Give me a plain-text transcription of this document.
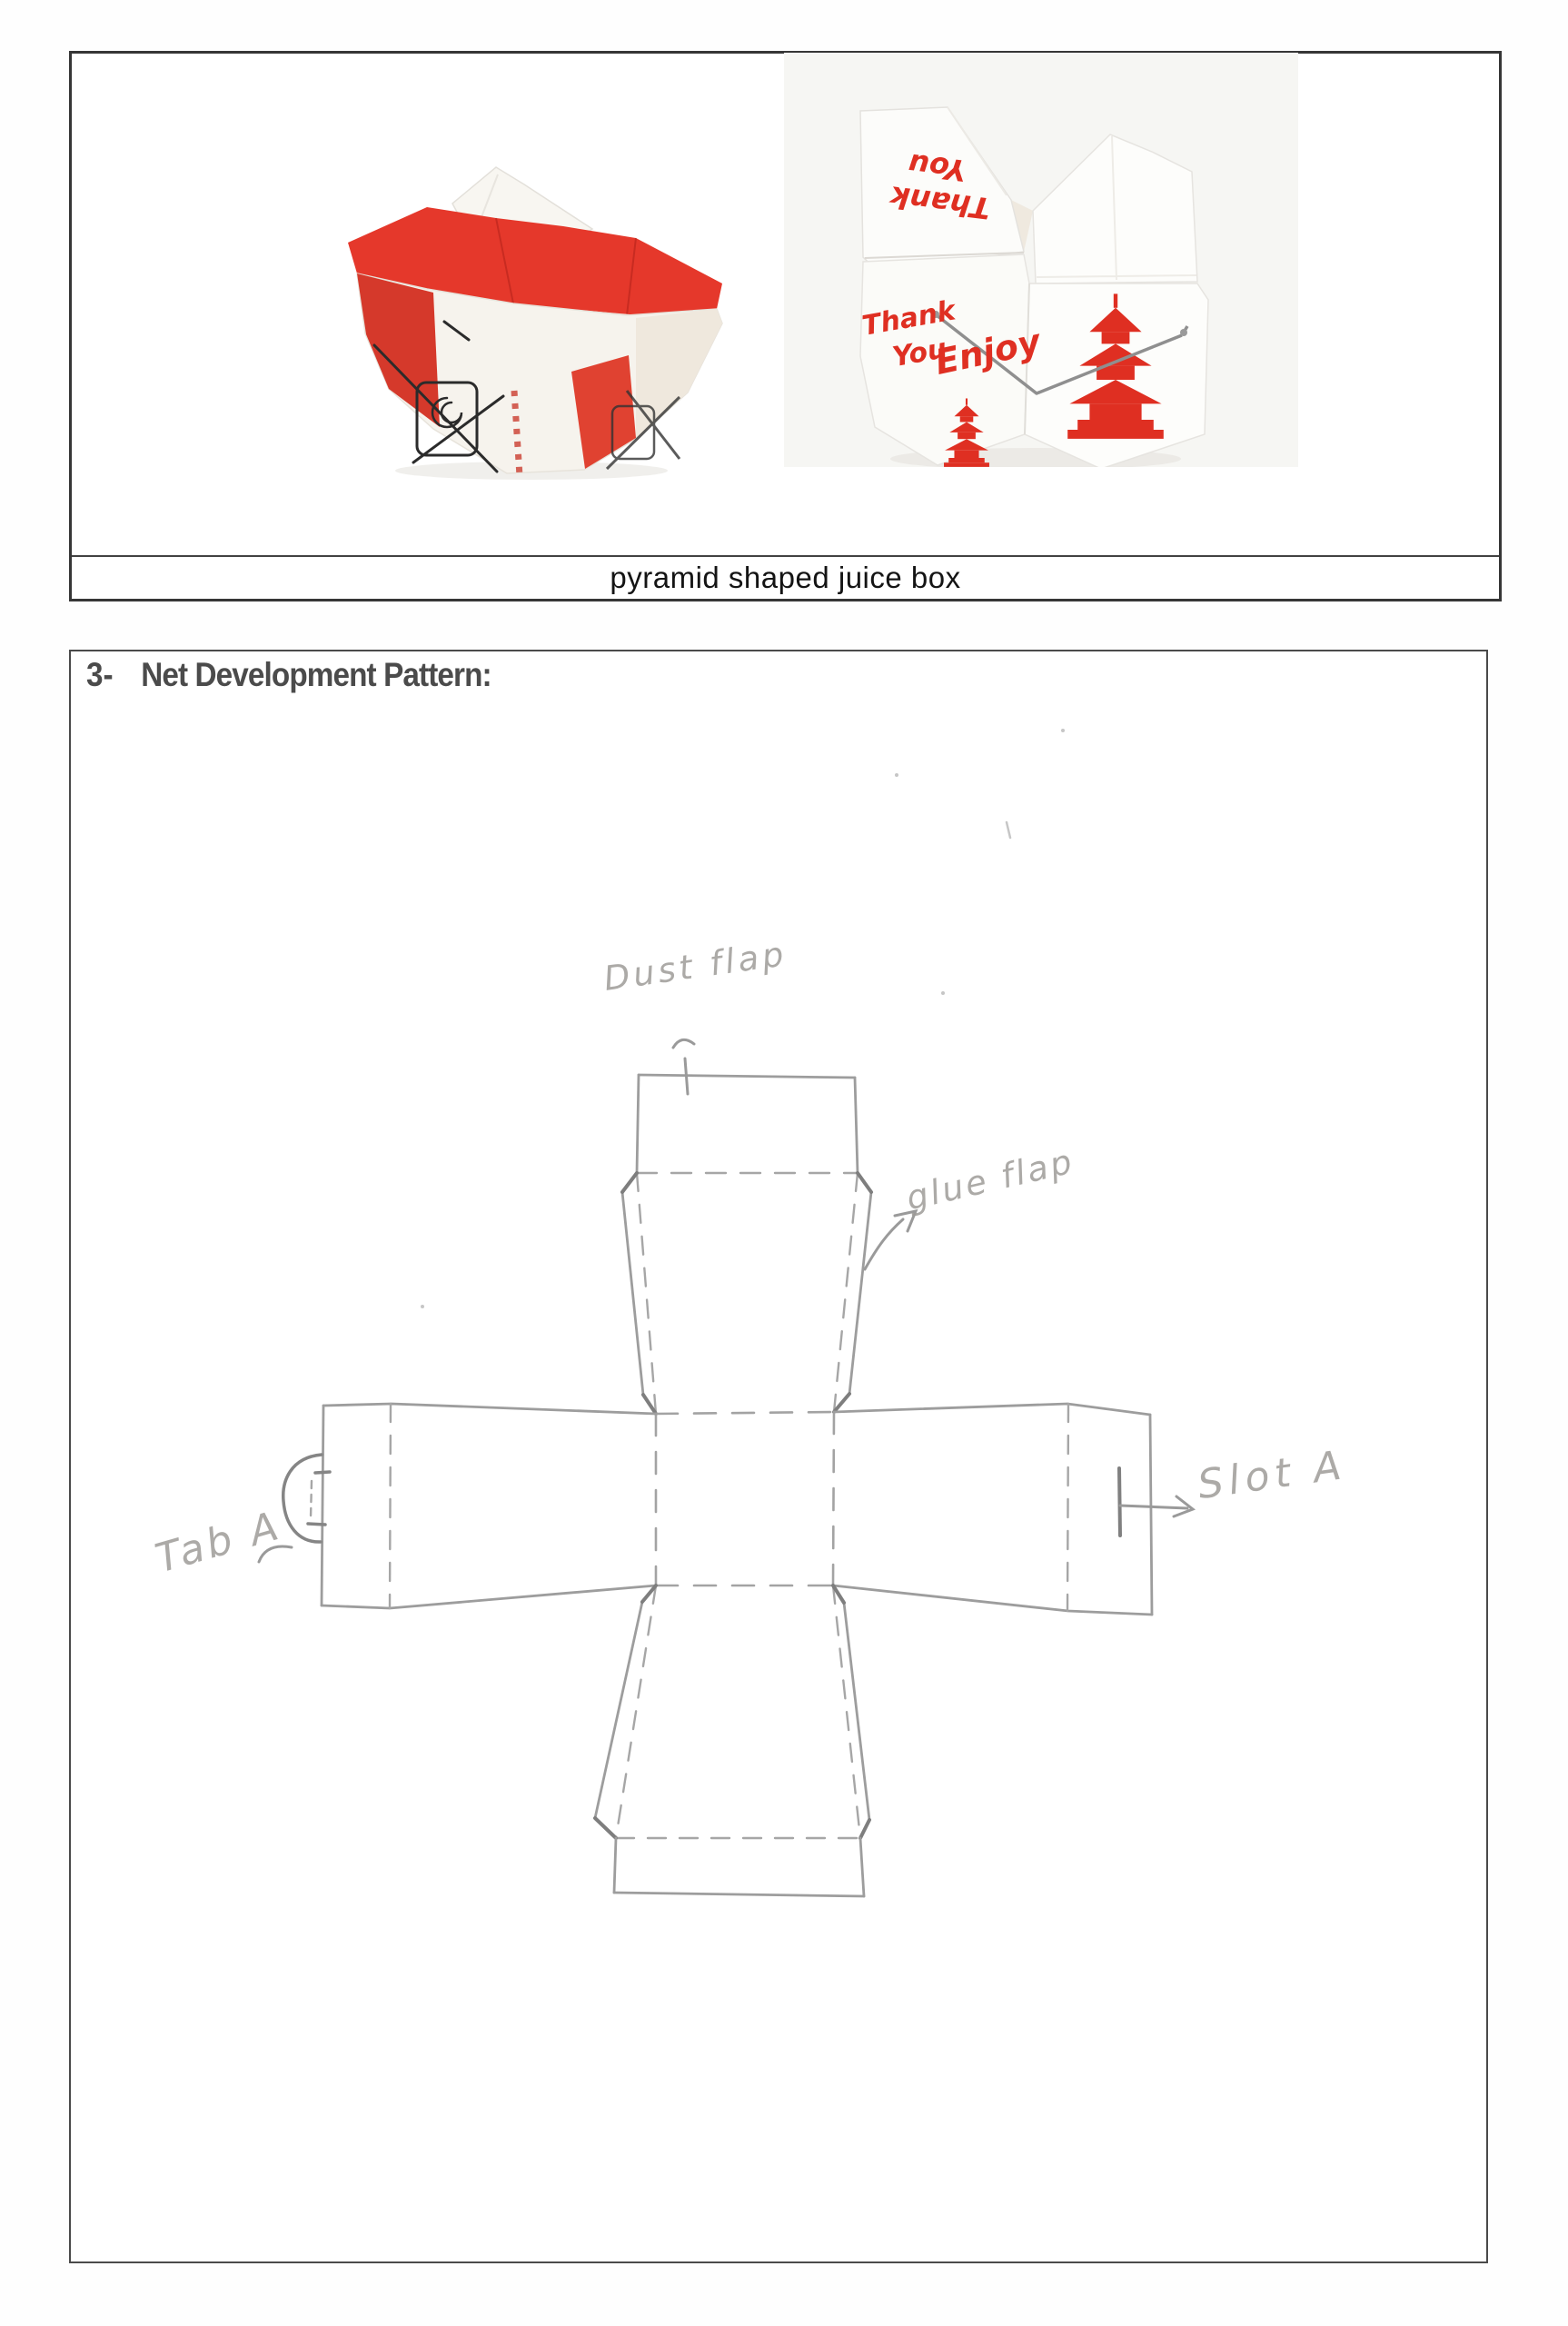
pyramid shaped juice box
Thank
You
Thank
You
Enjoy
3- Net Development Pattern:
Dust flap
glue flap
Slot A
Tab A
